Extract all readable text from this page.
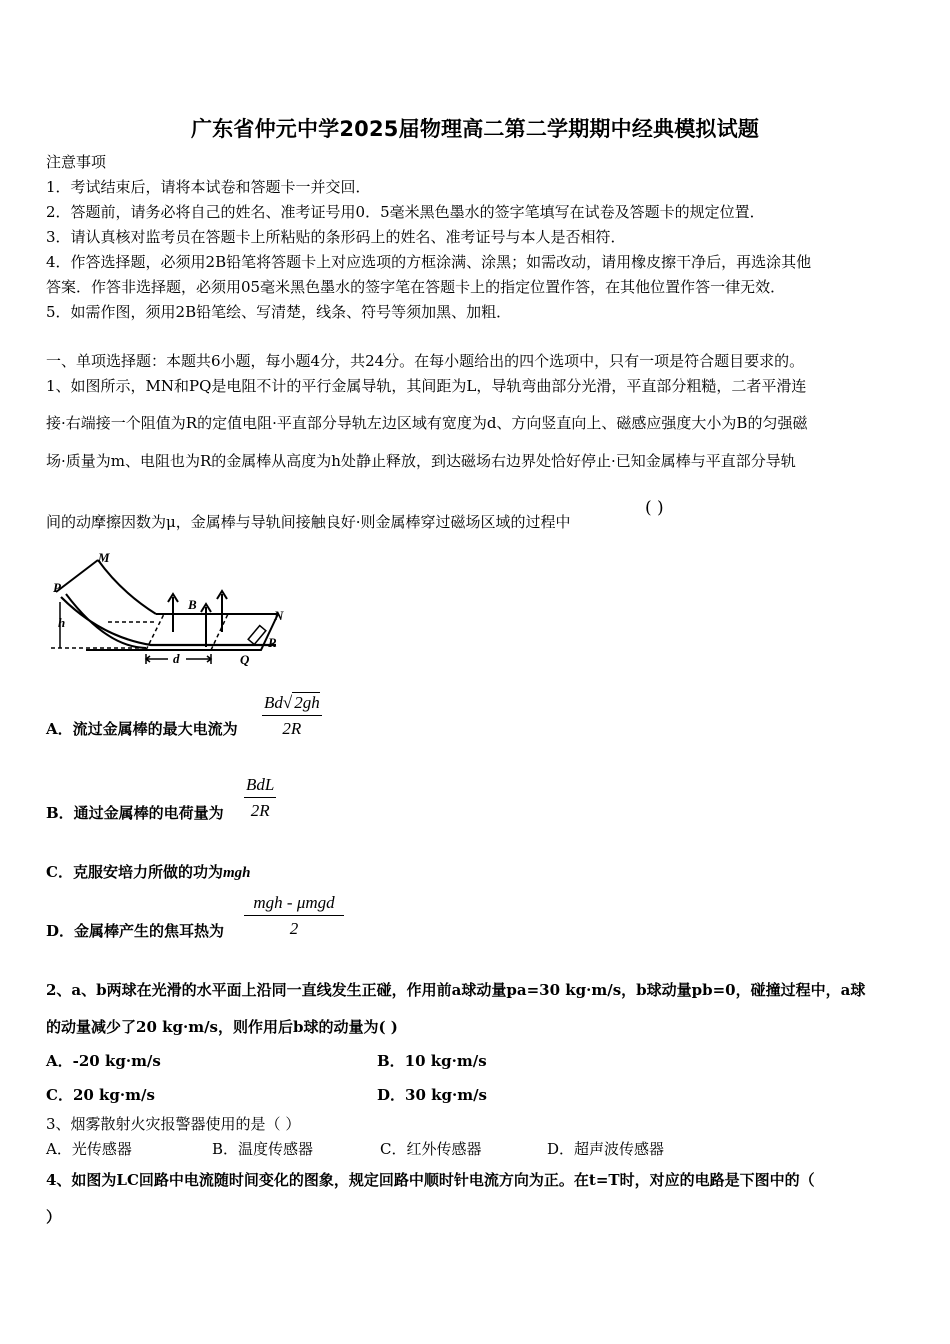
广东省仲元中学2025届物理高二第二学期期中经典模拟试题
注意事项
1．考试结束后，请将本试卷和答题卡一并交回．
2．答题前，请务必将自己的姓名、准考证号用0．5毫米黑色墨水的签字笔填写在试卷及答题卡的规定位置．
3．请认真核对监考员在答题卡上所粘贴的条形码上的姓名、准考证号与本人是否相符．
4．作答选择题，必须用2B铅笔将答题卡上对应选项的方框涂满、涂黑；如需改动，请用橡皮擦干净后，再选涂其他
答案．作答非选择题，必须用05毫米黑色墨水的签字笔在答题卡上的指定位置作答，在其他位置作答一律无效．
5．如需作图，须用2B铅笔绘、写清楚，线条、符号等须加黑、加粗．
一、单项选择题：本题共6小题，每小题4分，共24分。在每小题给出的四个选项中，只有一项是符合题目要求的。
1、如图所示，MN和PQ是电阻不计的平行金属导轨，其间距为L，导轨弯曲部分光滑，平直部分粗糙，二者平滑连
接·右端接一个阻值为R的定值电阻·平直部分导轨左边区域有宽度为d、方向竖直向上、磁感应强度大小为B的匀强磁
场·质量为m、电阻也为R的金属棒从高度为h处静止释放，到达磁场右边界处恰好停止·已知金属棒与平直部分导轨
间的动摩擦因数为μ，金属棒与导轨间接触良好·则金属棒穿过磁场区域的过程中
( )
M
P
N
Q
B
R
h
d
A．流过金属棒的最大电流为 $\frac{Bd√ 2gh}{2R}$
B．通过金属棒的电荷量为
BdL
2R
C．克服安培力所做的功为mgh
D．金属棒产生的焦耳热为
mgh - μmgd
2
2、a、b两球在光滑的水平面上沿同一直线发生正碰，作用前a球动量pa=30 kg·m/s，b球动量pb=0，碰撞过程中，a球
的动量减少了20 kg·m/s，则作用后b球的动量为( )
A．-20 kg·m/s	B．10 kg·m/s
C．20 kg·m/s	D．30 kg·m/s
3、烟雾散射火灾报警器使用的是（ ）
A．光传感器	B．温度传感器	C．红外传感器	D．超声波传感器
4、如图为LC回路中电流随时间变化的图象，规定回路中顺时针电流方向为正。在t=T时，对应的电路是下图中的（
）
